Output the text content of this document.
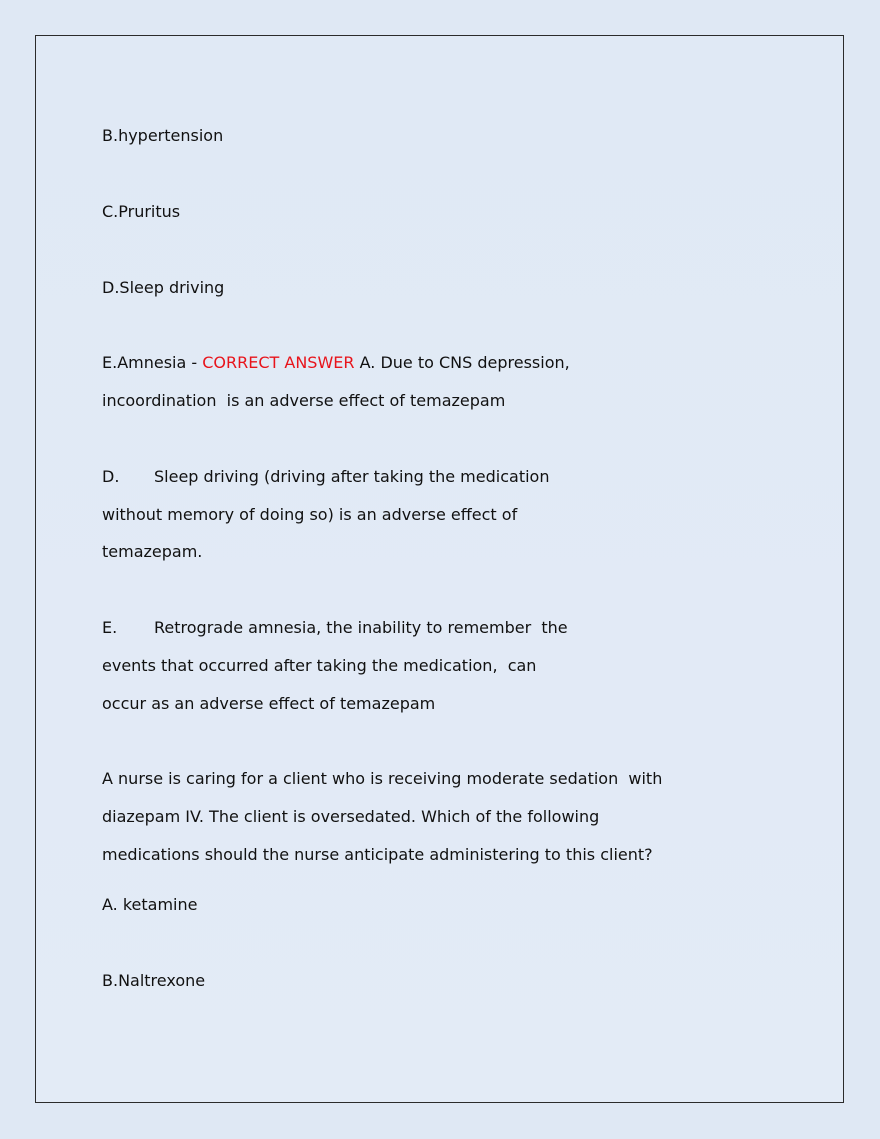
B.hypertension
C.Pruritus
D.Sleep driving
E.Amnesia - CORRECT ANSWER A. Due to CNS depression,
incoordination  is an adverse effect of temazepam
D. Sleep driving (driving after taking the medication
without memory of doing so) is an adverse effect of
temazepam.
E. Retrograde amnesia, the inability to remember  the
events that occurred after taking the medication,  can
occur as an adverse effect of temazepam
A nurse is caring for a client who is receiving moderate sedation  with
diazepam IV. The client is oversedated. Which of the following
medications should the nurse anticipate administering to this client?
A. ketamine
B.Naltrexone
